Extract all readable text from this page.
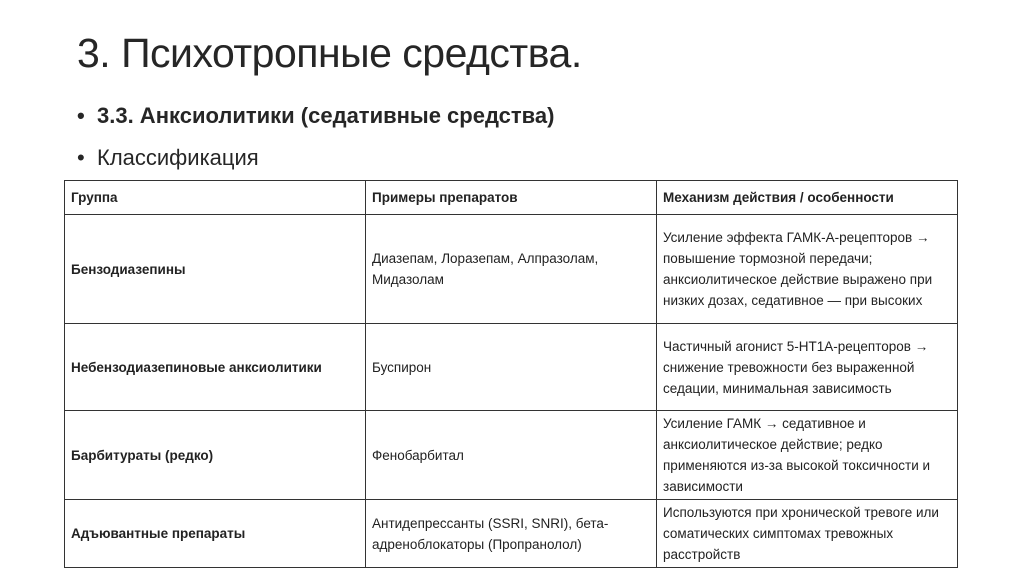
3. Психотропные средства.
• 3.3. Анксиолитики (седативные средства)
• Классификация
Группа	Примеры препаратов	Механизм действия / особенности
Бензодиазепины	Диазепам, Лоразепам, Алпразолам, Мидазолам	Усиление эффекта ГАМК-А-рецепторов → повышение тормозной передачи; анксиолитическое действие выражено при низких дозах, седативное — при высоких
Небензодиазепиновые анксиолитики	Буспирон	Частичный агонист 5-HT1A-рецепторов → снижение тревожности без выраженной седации, минимальная зависимость
Барбитураты (редко)	Фенобарбитал	Усиление ГАМК → седативное и анксиолитическое действие; редко применяются из-за высокой токсичности и зависимости
Адъювантные препараты	Антидепрессанты (SSRI, SNRI), бета-адреноблокаторы (Пропранолол)	Используются при хронической тревоге или соматических симптомах тревожных расстройств
